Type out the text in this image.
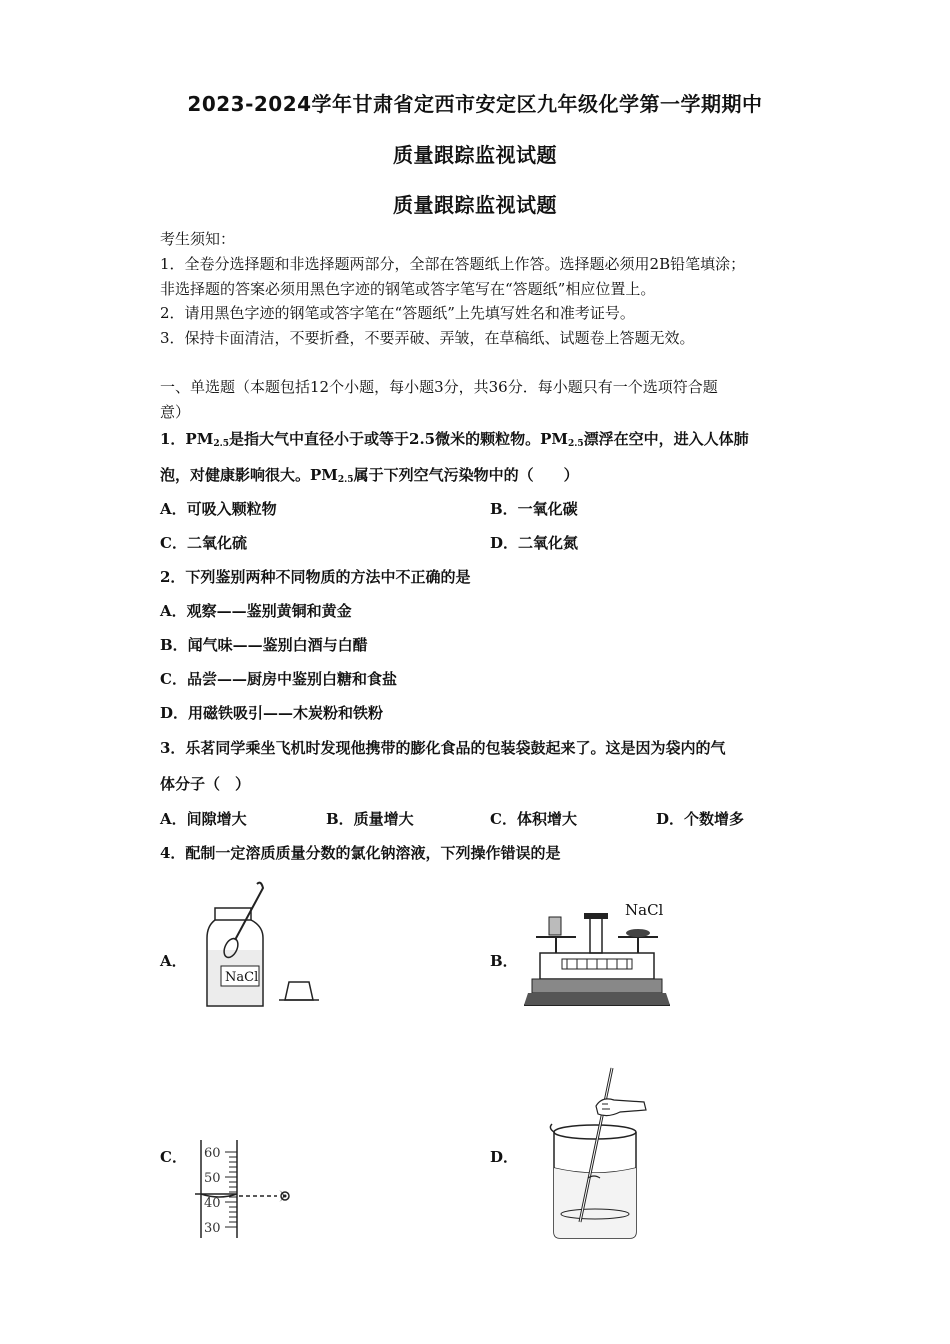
2023-2024学年甘肃省定西市安定区九年级化学第一学期期中
质量跟踪监视试题
质量跟踪监视试题
考生须知：
1．全卷分选择题和非选择题两部分，全部在答题纸上作答。选择题必须用2B铅笔填涂；
非选择题的答案必须用黑色字迹的钢笔或答字笔写在“答题纸”相应位置上。
2．请用黑色字迹的钢笔或答字笔在“答题纸”上先填写姓名和准考证号。
3．保持卡面清洁，不要折叠，不要弄破、弄皱，在草稿纸、试题卷上答题无效。
一、单选题（本题包括12个小题，每小题3分，共36分．每小题只有一个选项符合题
意）
1．$PM_{2.5}$是指大气中直径小于或等于2.5微米的颗粒物。$PM_{2.5}$漂浮在空中，进入人体肺
泡，对健康影响很大。$PM_{2.5}$属于下列空气污染物中的（　　）
A．可吸入颗粒物	B．一氧化碳
C．二氧化硫	D．二氧化氮
2．下列鉴别两种不同物质的方法中不正确的是
A．观察——鉴别黄铜和黄金
B．闻气味——鉴别白酒与白醋
C．品尝——厨房中鉴别白糖和食盐
D．用磁铁吸引——木炭粉和铁粉
3．乐茗同学乘坐飞机时发现他携带的膨化食品的包装袋鼓起来了。这是因为袋内的气
体分子（　）
A．间隙增大	B．质量增大	C．体积增大	D．个数增多
4．配制一定溶质质量分数的氯化钠溶液，下列操作错误的是
A．	B．
C．	D．
NaCl
NaCl
60
50
40
30
